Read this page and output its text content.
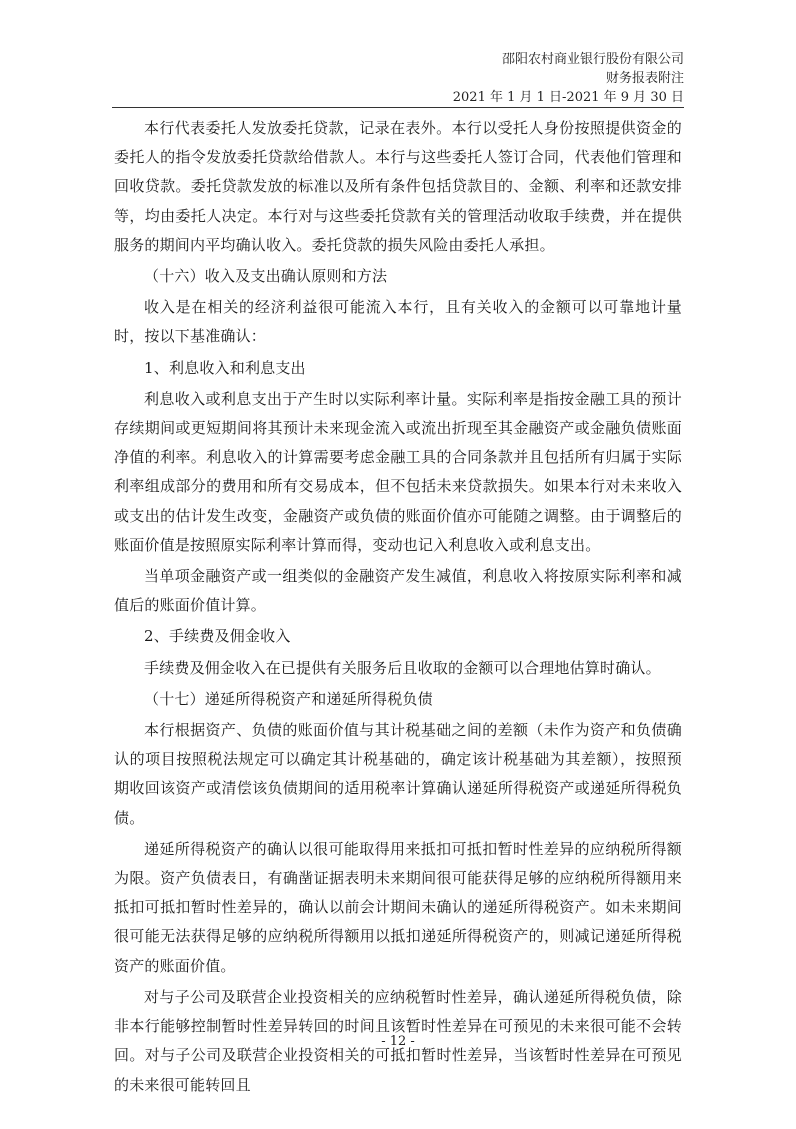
邵阳农村商业银行股份有限公司
财务报表附注
2021 年 1 月 1 日-2021 年 9 月 30 日

本行代表委托人发放委托贷款，记录在表外。本行以受托人身份按照提供资金的委托人的指令发放委托贷款给借款人。本行与这些委托人签订合同，代表他们管理和回收贷款。委托贷款发放的标准以及所有条件包括贷款目的、金额、利率和还款安排等，均由委托人决定。本行对与这些委托贷款有关的管理活动收取手续费，并在提供服务的期间内平均确认收入。委托贷款的损失风险由委托人承担。

（十六）收入及支出确认原则和方法

收入是在相关的经济利益很可能流入本行，且有关收入的金额可以可靠地计量时，按以下基准确认：

1、利息收入和利息支出

利息收入或利息支出于产生时以实际利率计量。实际利率是指按金融工具的预计存续期间或更短期间将其预计未来现金流入或流出折现至其金融资产或金融负债账面净值的利率。利息收入的计算需要考虑金融工具的合同条款并且包括所有归属于实际利率组成部分的费用和所有交易成本，但不包括未来贷款损失。如果本行对未来收入或支出的估计发生改变，金融资产或负债的账面价值亦可能随之调整。由于调整后的账面价值是按照原实际利率计算而得，变动也记入利息收入或利息支出。

当单项金融资产或一组类似的金融资产发生减值，利息收入将按原实际利率和减值后的账面价值计算。

2、手续费及佣金收入

手续费及佣金收入在已提供有关服务后且收取的金额可以合理地估算时确认。

（十七）递延所得税资产和递延所得税负债

本行根据资产、负债的账面价值与其计税基础之间的差额（未作为资产和负债确认的项目按照税法规定可以确定其计税基础的，确定该计税基础为其差额），按照预期收回该资产或清偿该负债期间的适用税率计算确认递延所得税资产或递延所得税负债。

递延所得税资产的确认以很可能取得用来抵扣可抵扣暂时性差异的应纳税所得额为限。资产负债表日，有确凿证据表明未来期间很可能获得足够的应纳税所得额用来抵扣可抵扣暂时性差异的，确认以前会计期间未确认的递延所得税资产。如未来期间很可能无法获得足够的应纳税所得额用以抵扣递延所得税资产的，则减记递延所得税资产的账面价值。

对与子公司及联营企业投资相关的应纳税暂时性差异，确认递延所得税负债，除非本行能够控制暂时性差异转回的时间且该暂时性差异在可预见的未来很可能不会转回。对与子公司及联营企业投资相关的可抵扣暂时性差异，当该暂时性差异在可预见的未来很可能转回且

- 12 -
